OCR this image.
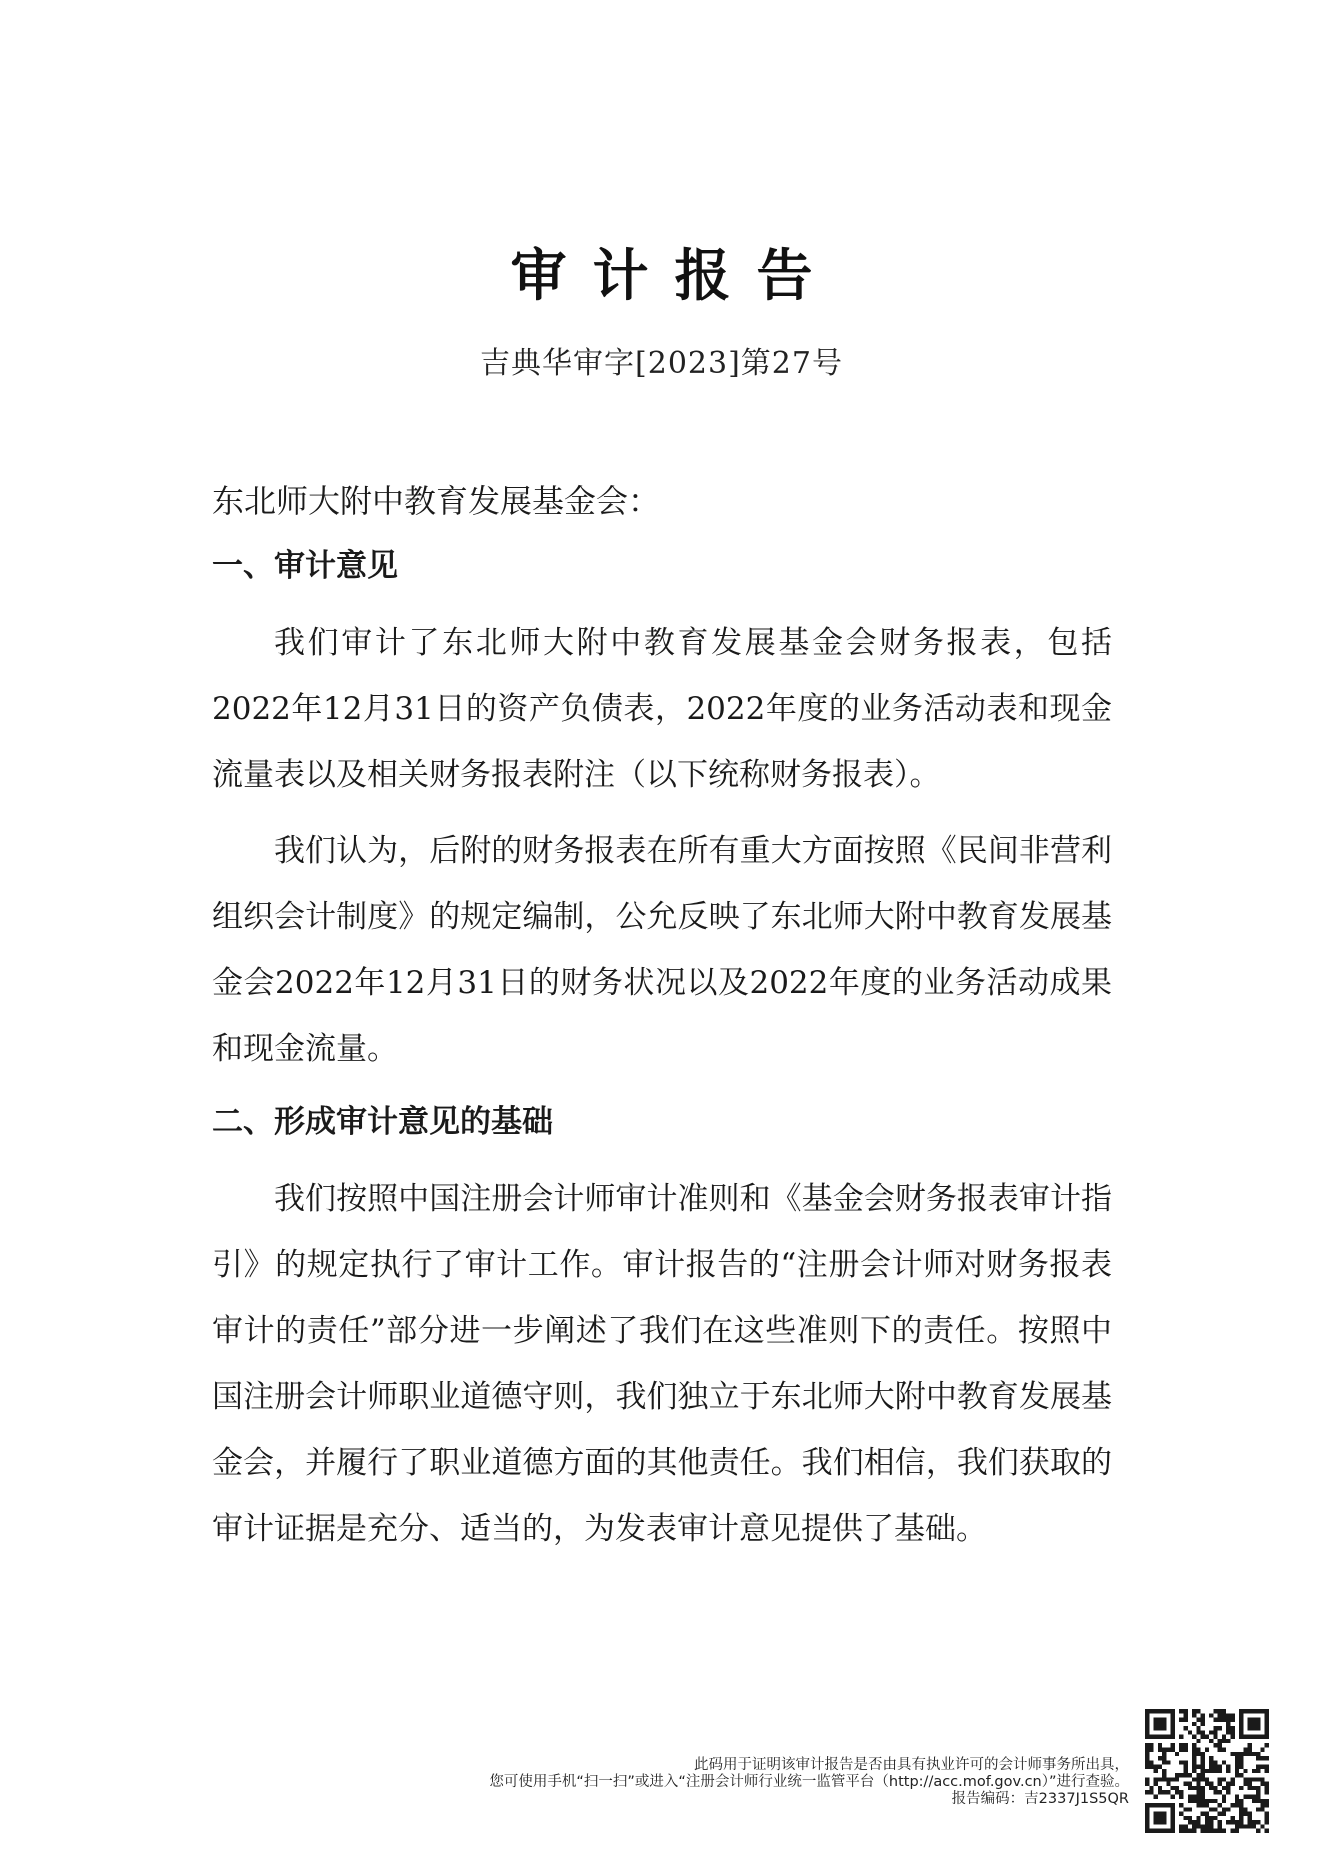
审计报告
吉典华审字[2023]第27号
东北师大附中教育发展基金会：
一、审计意见

我们审计了东北师大附中教育发展基金会财务报表，包括2022年12月31日的资产负债表，2022年度的业务活动表和现金流量表以及相关财务报表附注（以下统称财务报表）。

我们认为，后附的财务报表在所有重大方面按照《民间非营利组织会计制度》的规定编制，公允反映了东北师大附中教育发展基金会2022年12月31日的财务状况以及2022年度的业务活动成果和现金流量。

二、形成审计意见的基础

我们按照中国注册会计师审计准则和《基金会财务报表审计指引》的规定执行了审计工作。审计报告的“注册会计师对财务报表审计的责任”部分进一步阐述了我们在这些准则下的责任。按照中国注册会计师职业道德守则，我们独立于东北师大附中教育发展基金会，并履行了职业道德方面的其他责任。我们相信，我们获取的审计证据是充分、适当的，为发表审计意见提供了基础。

此码用于证明该审计报告是否由具有执业许可的会计师事务所出具，
您可使用手机“扫一扫”或进入“注册会计师行业统一监管平台（http://acc.mof.gov.cn）”进行查验。
报告编码：吉2337J1S5QR
